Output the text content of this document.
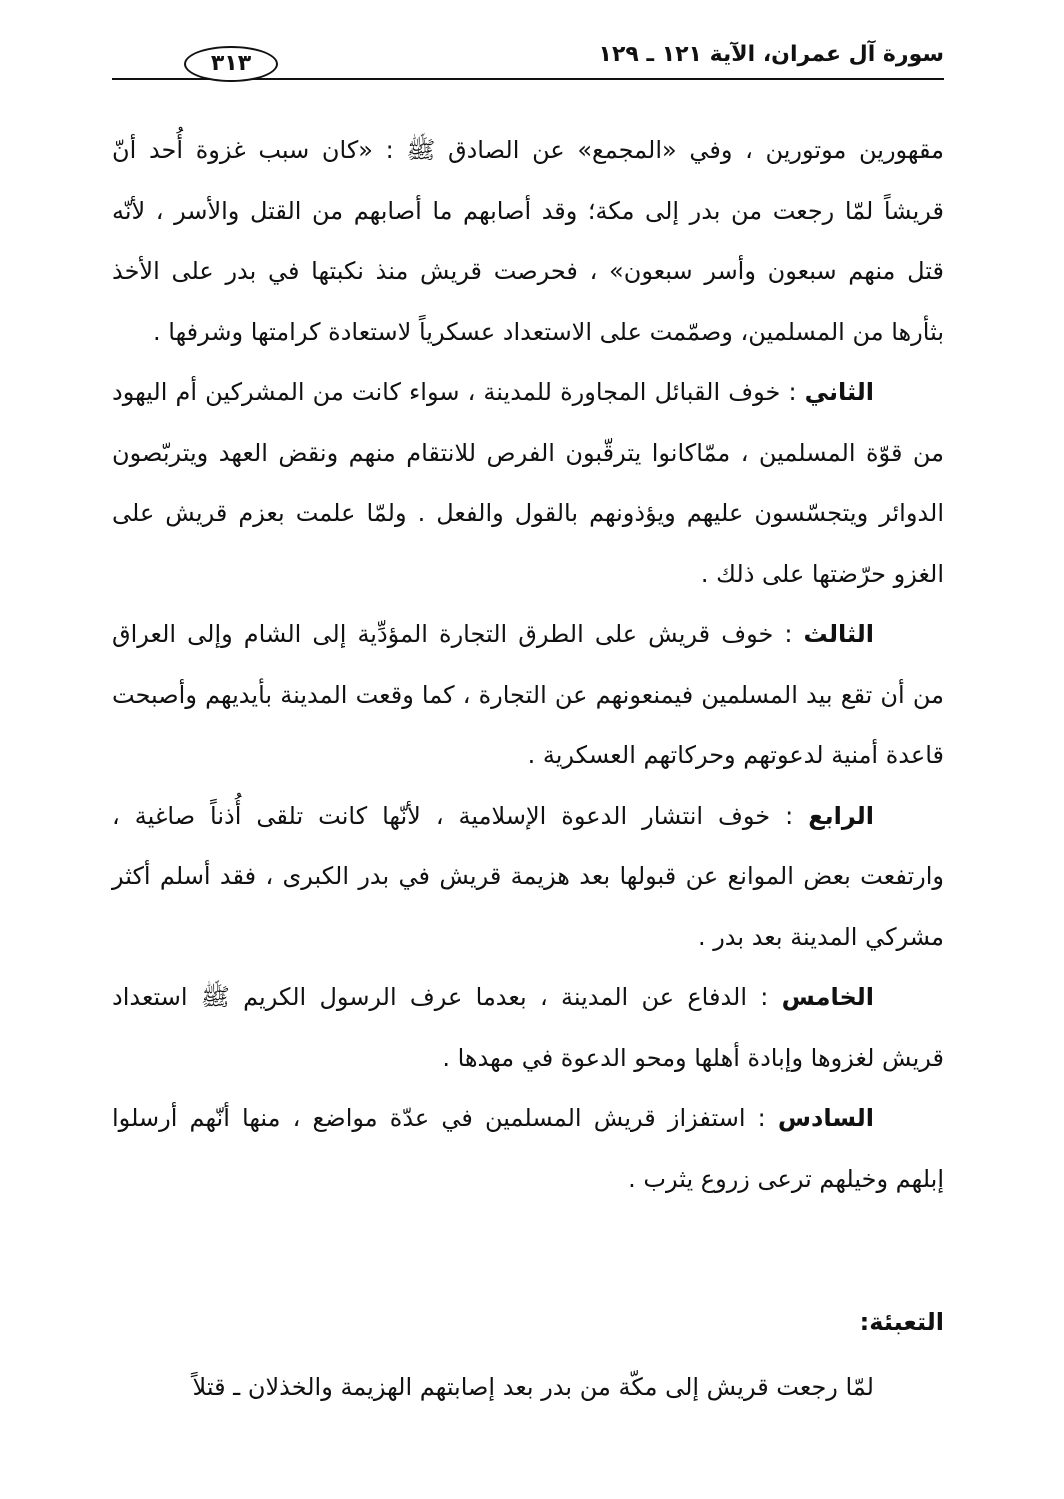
سورة آل عمران، الآية ١٢١ ـ ١٢٩
٣١٣

مقهورين موتورين ، وفي «المجمع» عن الصادق ﷺ : «كان سبب غزوة أُحد أنّ قريشاً لمّا رجعت من بدر إلى مكة؛ وقد أصابهم ما أصابهم من القتل والأسر ، لأنّه قتل منهم سبعون وأسر سبعون» ، فحرصت قريش منذ نكبتها في بدر على الأخذ بثأرها من المسلمين، وصمّمت على الاستعداد عسكرياً لاستعادة كرامتها وشرفها .

الثاني : خوف القبائل المجاورة للمدينة ، سواء كانت من المشركين أم اليهود من قوّة المسلمين ، ممّاكانوا يترقّبون الفرص للانتقام منهم ونقض العهد ويتربّصون الدوائر ويتجسّسون عليهم ويؤذونهم بالقول والفعل . ولمّا علمت بعزم قريش على الغزو حرّضتها على ذلك .

الثالث : خوف قريش على الطرق التجارة المؤدِّية إلى الشام وإلى العراق من أن تقع بيد المسلمين فيمنعونهم عن التجارة ، كما وقعت المدينة بأيديهم وأصبحت قاعدة أمنية لدعوتهم وحركاتهم العسكرية .

الرابع : خوف انتشار الدعوة الإسلامية ، لأنّها كانت تلقى أُذناً صاغية ، وارتفعت بعض الموانع عن قبولها بعد هزيمة قريش في بدر الكبرى ، فقد أسلم أكثر مشركي المدينة بعد بدر .

الخامس : الدفاع عن المدينة ، بعدما عرف الرسول الكريم ﷺ استعداد قريش لغزوها وإبادة أهلها ومحو الدعوة في مهدها .

السادس : استفزاز قريش المسلمين في عدّة مواضع ، منها أنّهم أرسلوا إبلهم وخيلهم ترعى زروع يثرب .

التعبئة:
لمّا رجعت قريش إلى مكّة من بدر بعد إصابتهم الهزيمة والخذلان ـ قتلاً
